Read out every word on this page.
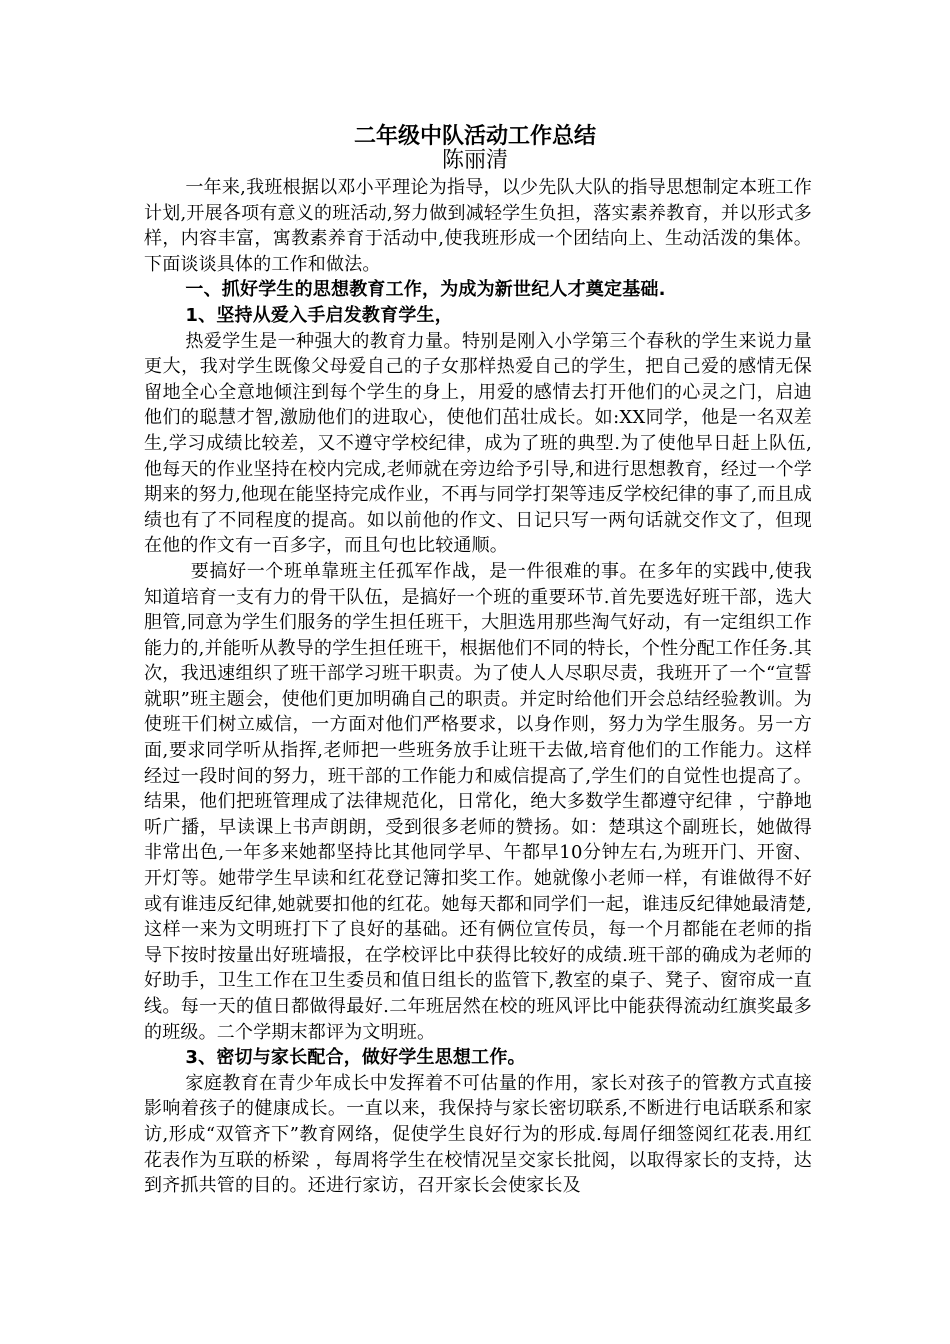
二年级中队活动工作总结
陈丽清

一年来,我班根据以邓小平理论为指导，以少先队大队的指导思想制定本班工作计划,开展各项有意义的班活动,努力做到减轻学生负担，落实素养教育，并以形式多样，内容丰富，寓教素养育于活动中,使我班形成一个团结向上、生动活泼的集体。下面谈谈具体的工作和做法。

一、抓好学生的思想教育工作，为成为新世纪人才奠定基础.

1、坚持从爱入手启发教育学生，

热爱学生是一种强大的教育力量。特别是刚入小学第三个春秋的学生来说力量更大，我对学生既像父母爱自己的子女那样热爱自己的学生，把自己爱的感情无保留地全心全意地倾注到每个学生的身上，用爱的感情去打开他们的心灵之门，启迪他们的聪慧才智,激励他们的进取心，使他们茁壮成长。如:XX同学，他是一名双差生,学习成绩比较差，又不遵守学校纪律，成为了班的典型.为了使他早日赶上队伍,他每天的作业坚持在校内完成,老师就在旁边给予引导,和进行思想教育，经过一个学期来的努力,他现在能坚持完成作业，不再与同学打架等违反学校纪律的事了,而且成绩也有了不同程度的提高。如以前他的作文、日记只写一两句话就交作文了，但现在他的作文有一百多字，而且句也比较通顺。

要搞好一个班单靠班主任孤军作战，是一件很难的事。在多年的实践中,使我知道培育一支有力的骨干队伍，是搞好一个班的重要环节.首先要选好班干部，选大胆管,同意为学生们服务的学生担任班干，大胆选用那些淘气好动，有一定组织工作能力的,并能听从教导的学生担任班干，根据他们不同的特长，个性分配工作任务.其次，我迅速组织了班干部学习班干职责。为了使人人尽职尽责，我班开了一个“宣誓就职”班主题会，使他们更加明确自己的职责。并定时给他们开会总结经验教训。为使班干们树立威信，一方面对他们严格要求，以身作则，努力为学生服务。另一方面,要求同学听从指挥,老师把一些班务放手让班干去做,培育他们的工作能力。这样经过一段时间的努力，班干部的工作能力和威信提高了,学生们的自觉性也提高了。结果，他们把班管理成了法律规范化，日常化，绝大多数学生都遵守纪律 ，宁静地听广播，早读课上书声朗朗，受到很多老师的赞扬。如：楚琪这个副班长，她做得非常出色,一年多来她都坚持比其他同学早、午都早10分钟左右,为班开门、开窗、开灯等。她带学生早读和红花登记簿扣奖工作。她就像小老师一样，有谁做得不好或有谁违反纪律,她就要扣他的红花。她每天都和同学们一起，谁违反纪律她最清楚,这样一来为文明班打下了良好的基础。还有俩位宣传员，每一个月都能在老师的指导下按时按量出好班墙报，在学校评比中获得比较好的成绩.班干部的确成为老师的好助手，卫生工作在卫生委员和值日组长的监管下,教室的桌子、凳子、窗帘成一直线。每一天的值日都做得最好.二年班居然在校的班风评比中能获得流动红旗奖最多的班级。二个学期末都评为文明班。

3、密切与家长配合，做好学生思想工作。

家庭教育在青少年成长中发挥着不可估量的作用，家长对孩子的管教方式直接影响着孩子的健康成长。一直以来，我保持与家长密切联系,不断进行电话联系和家访,形成“双管齐下”教育网络，促使学生良好行为的形成.每周仔细签阅红花表.用红花表作为互联的桥梁 ，每周将学生在校情况呈交家长批阅，以取得家长的支持，达到齐抓共管的目的。还进行家访，召开家长会使家长及
